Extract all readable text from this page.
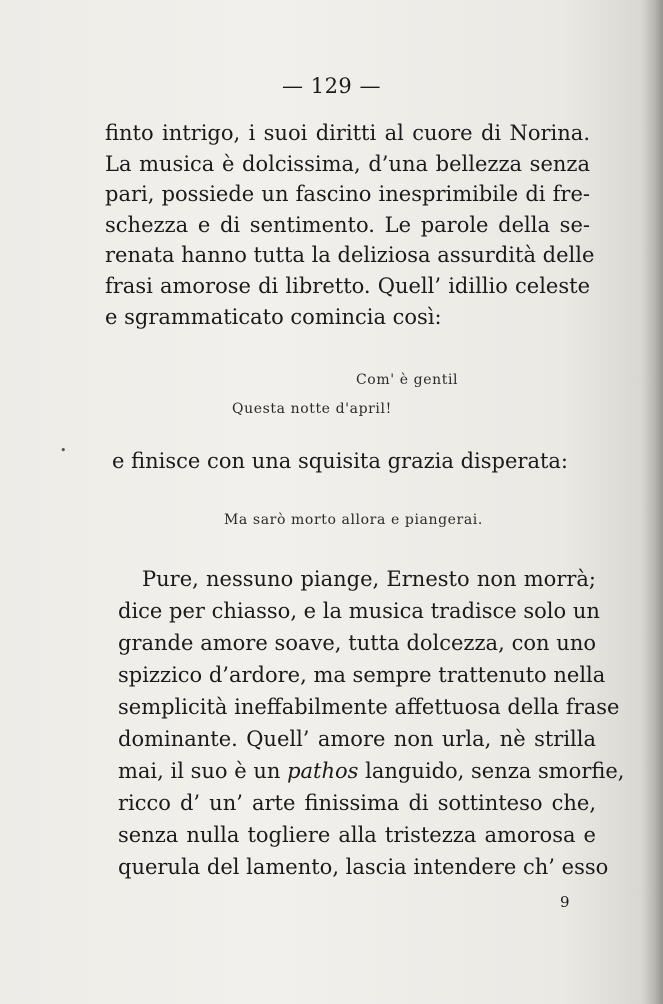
— 129 —
finto intrigo, i suoi diritti al cuore di Norina.
La musica è dolcissima, d’una bellezza senza
pari, possiede un fascino inesprimibile di fre-
schezza e di sentimento. Le parole della se-
renata hanno tutta la deliziosa assurdità delle
frasi amorose di libretto. Quell’ idillio celeste
e sgrammaticato comincia così:
Com' è gentil
Questa notte d'april!
• e finisce con una squisita grazia disperata:
Ma sarò morto allora e piangerai.
Pure, nessuno piange, Ernesto non morrà;
dice per chiasso, e la musica tradisce solo un
grande amore soave, tutta dolcezza, con uno
spizzico d’ardore, ma sempre trattenuto nella
semplicità ineffabilmente affettuosa della frase
dominante. Quell’ amore non urla, nè strilla
mai, il suo è un pathos languido, senza smorfie,
ricco d’ un’ arte finissima di sottinteso che,
senza nulla togliere alla tristezza amorosa e
querula del lamento, lascia intendere ch’ esso
9
